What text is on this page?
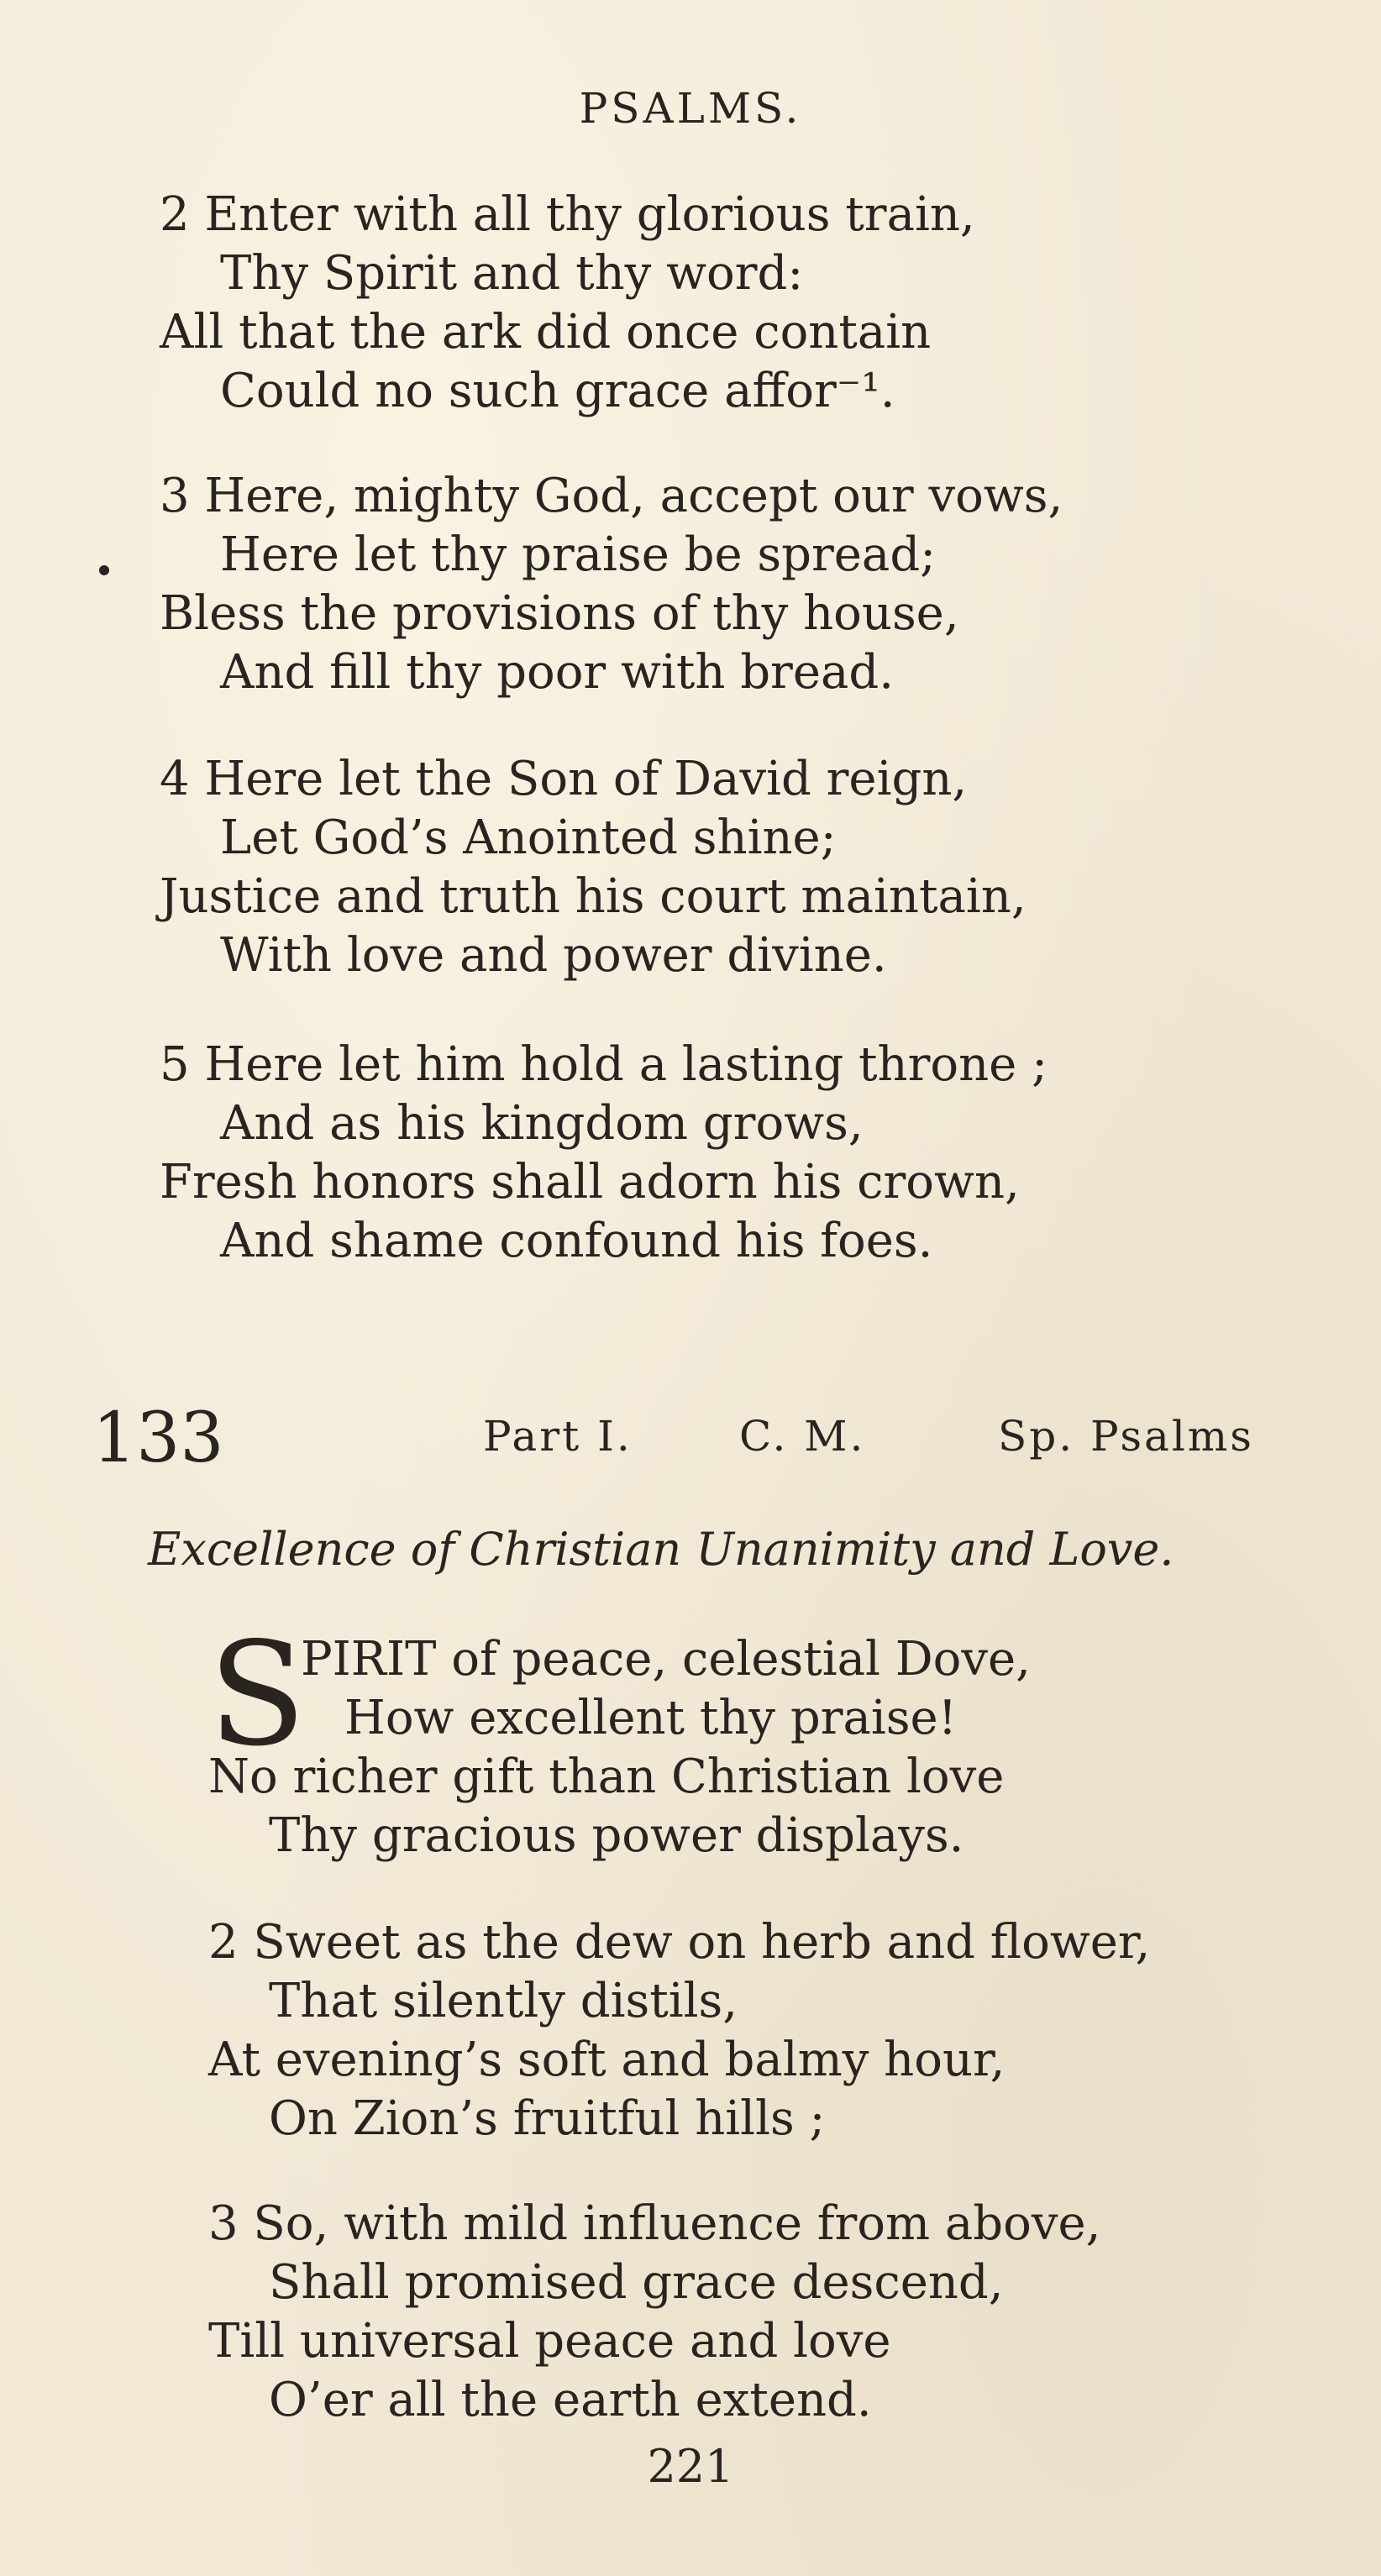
PSALMS.
2 Enter with all thy glorious train,
Thy Spirit and thy word:
All that the ark did once contain
Could no such grace affor⁻¹.
3 Here, mighty God, accept our vows,
Here let thy praise be spread;
Bless the provisions of thy house,
And fill thy poor with bread.
4 Here let the Son of David reign,
Let God’s Anointed shine;
Justice and truth his court maintain,
With love and power divine.
5 Here let him hold a lasting throne ;
And as his kingdom grows,
Fresh honors shall adorn his crown,
And shame confound his foes.
133	Part I.	C. M.	Sp. Psalms
Excellence of Christian Unanimity and Love.
S
PIRIT of peace, celestial Dove,
How excellent thy praise!
No richer gift than Christian love
Thy gracious power displays.
2 Sweet as the dew on herb and flower,
That silently distils,
At evening’s soft and balmy hour,
On Zion’s fruitful hills ;
3 So, with mild influence from above,
Shall promised grace descend,
Till universal peace and love
O’er all the earth extend.
221
